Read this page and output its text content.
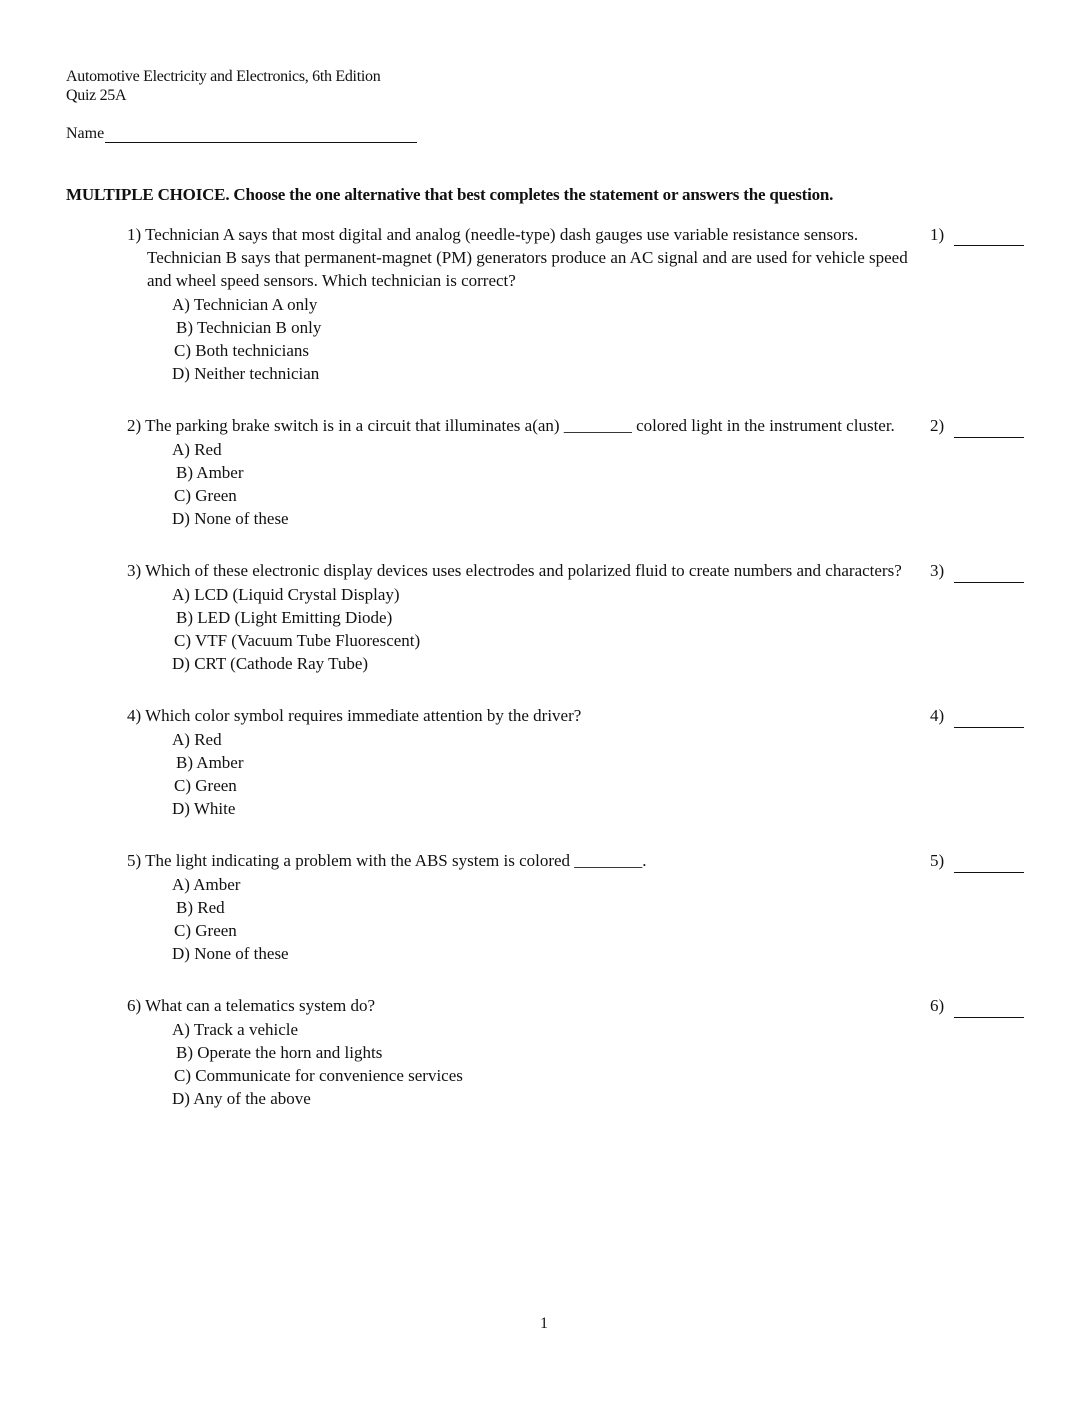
Automotive Electricity and Electronics, 6th Edition
Quiz 25A
Name
MULTIPLE CHOICE. Choose the one alternative that best completes the statement or answers the question.
1) Technician A says that most digital and analog (needle-type) dash gauges use variable resistance sensors. Technician B says that permanent-magnet (PM) generators produce an AC signal and are used for vehicle speed and wheel speed sensors. Which technician is correct?
A) Technician A only
B) Technician B only
C) Both technicians
D) Neither technician
1)
2) The parking brake switch is in a circuit that illuminates a(an) ________ colored light in the instrument cluster.
A) Red
B) Amber
C) Green
D) None of these
2)
3) Which of these electronic display devices uses electrodes and polarized fluid to create numbers and characters?
A) LCD (Liquid Crystal Display)
B) LED (Light Emitting Diode)
C) VTF (Vacuum Tube Fluorescent)
D) CRT (Cathode Ray Tube)
3)
4) Which color symbol requires immediate attention by the driver?
A) Red
B) Amber
C) Green
D) White
4)
5) The light indicating a problem with the ABS system is colored ________.
A) Amber
B) Red
C) Green
D) None of these
5)
6) What can a telematics system do?
A) Track a vehicle
B) Operate the horn and lights
C) Communicate for convenience services
D) Any of the above
6)
1
